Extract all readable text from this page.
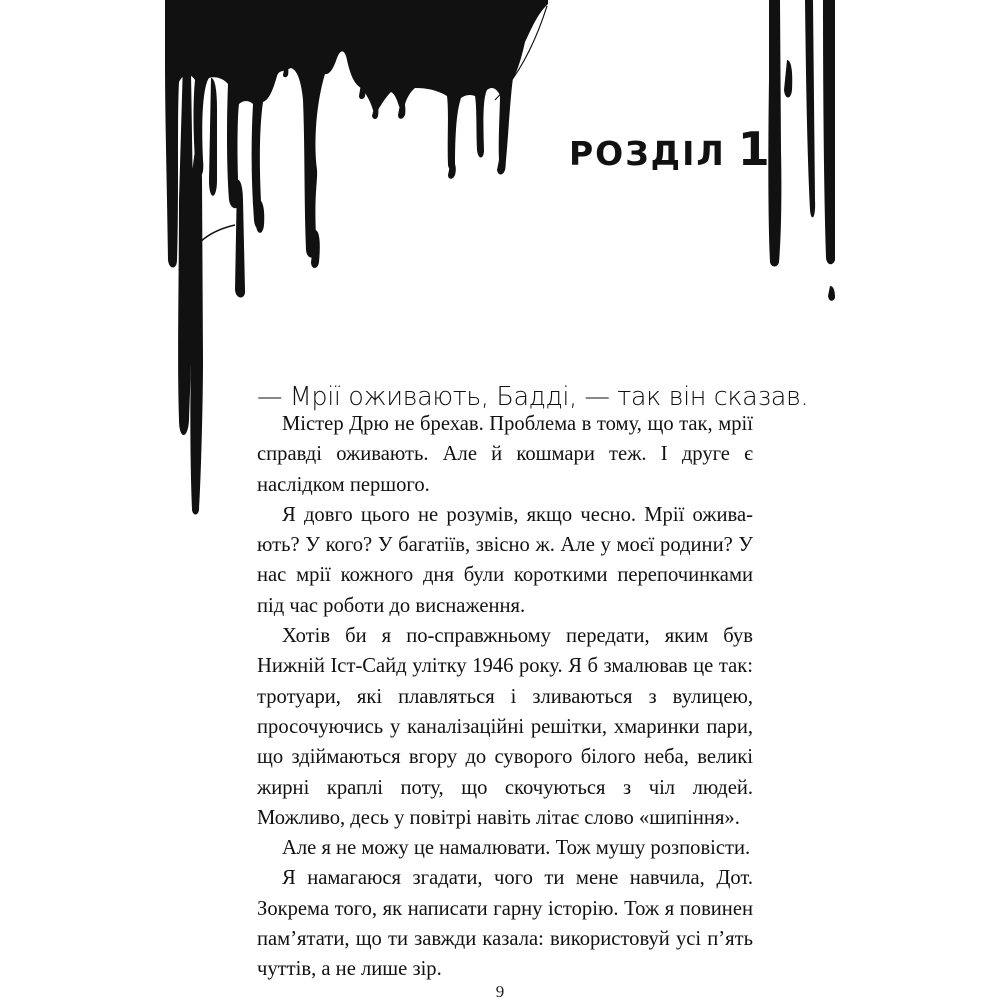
РОЗДІЛ 1
— Мрії оживають, Бадді, — так він сказав.

Містер Дрю не брехав. Проблема в тому, що так, мрії справді оживають. Але й кошмари теж. І друге є наслідком першого.

Я довго цього не розумів, якщо чесно. Мрії оживають? У кого? У багатіїв, звісно ж. Але у моєї родини? У нас мрії кожного дня були короткими перепочинками під час роботи до виснаження.

Хотів би я по-справжньому передати, яким був Нижній Іст-Сайд улітку 1946 року. Я б змалював це так: тротуари, які плавляться і зливаються з вулицею, просочуючись у каналізаційні решітки, хмаринки пари, що здіймаються вгору до суворого білого неба, великі жирні краплі поту, що скочуються з чіл людей. Можливо, десь у повітрі навіть літає слово «шипіння».

Але я не можу це намалювати. Тож мушу розповісти.

Я намагаюся згадати, чого ти мене навчила, Дот. Зокрема того, як написати гарну історію. Тож я повинен пам’ятати, що ти завжди казала: використовуй усі п’ять чуттів, а не лише зір.

9
